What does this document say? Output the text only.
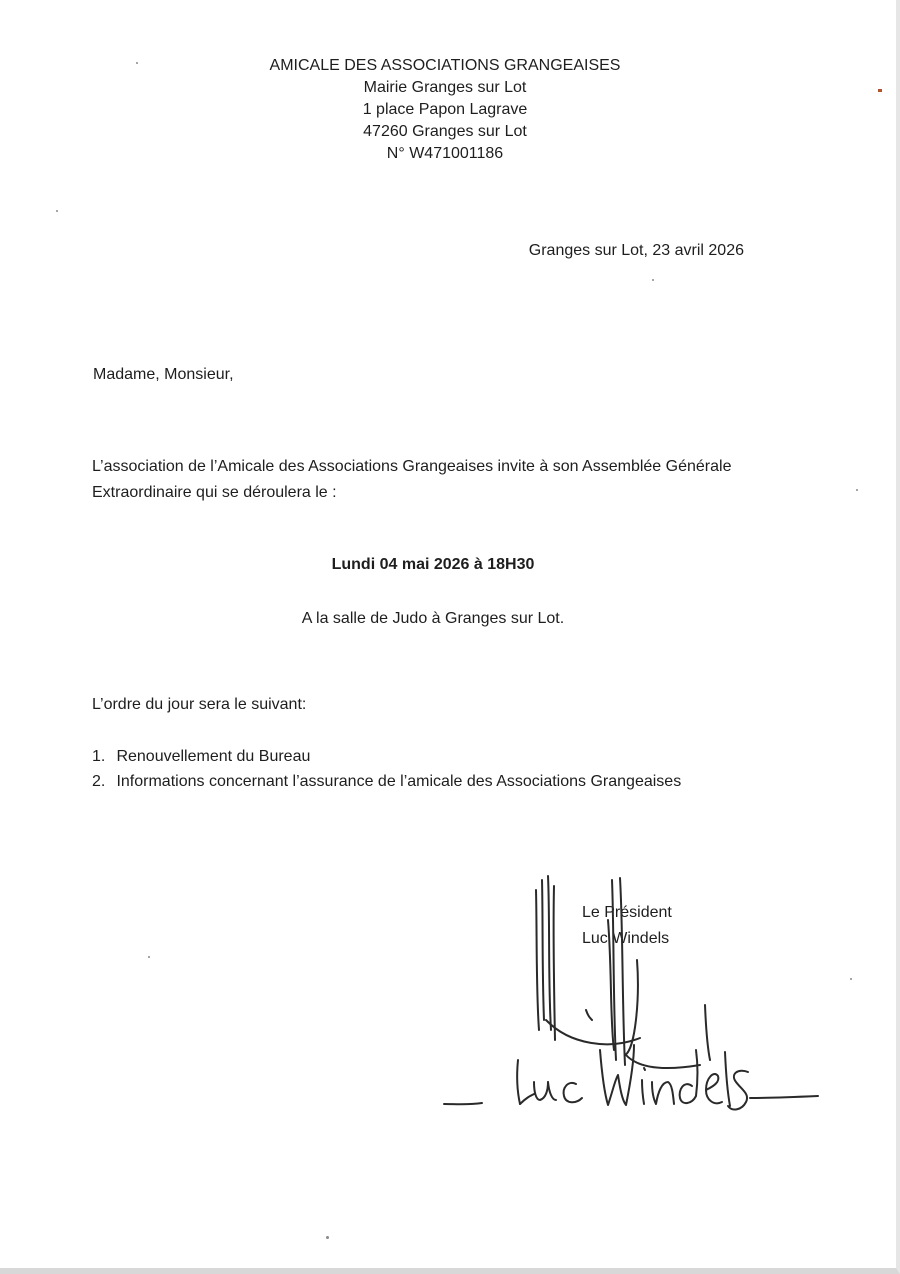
AMICALE DES ASSOCIATIONS GRANGEAISES
Mairie Granges sur Lot
1 place Papon Lagrave
47260 Granges sur Lot
N° W471001186
Granges sur Lot, 23 avril 2026
Madame, Monsieur,
L’association de l’Amicale des Associations Grangeaises invite à son Assemblée Générale Extraordinaire qui se déroulera le :
Lundi 04 mai 2026 à 18H30
A la salle de Judo à Granges sur Lot.
L’ordre du jour sera le suivant:
1. Renouvellement du Bureau
2. Informations concernant l’assurance de l’amicale des Associations Grangeaises
Le Président
Luc Windels
